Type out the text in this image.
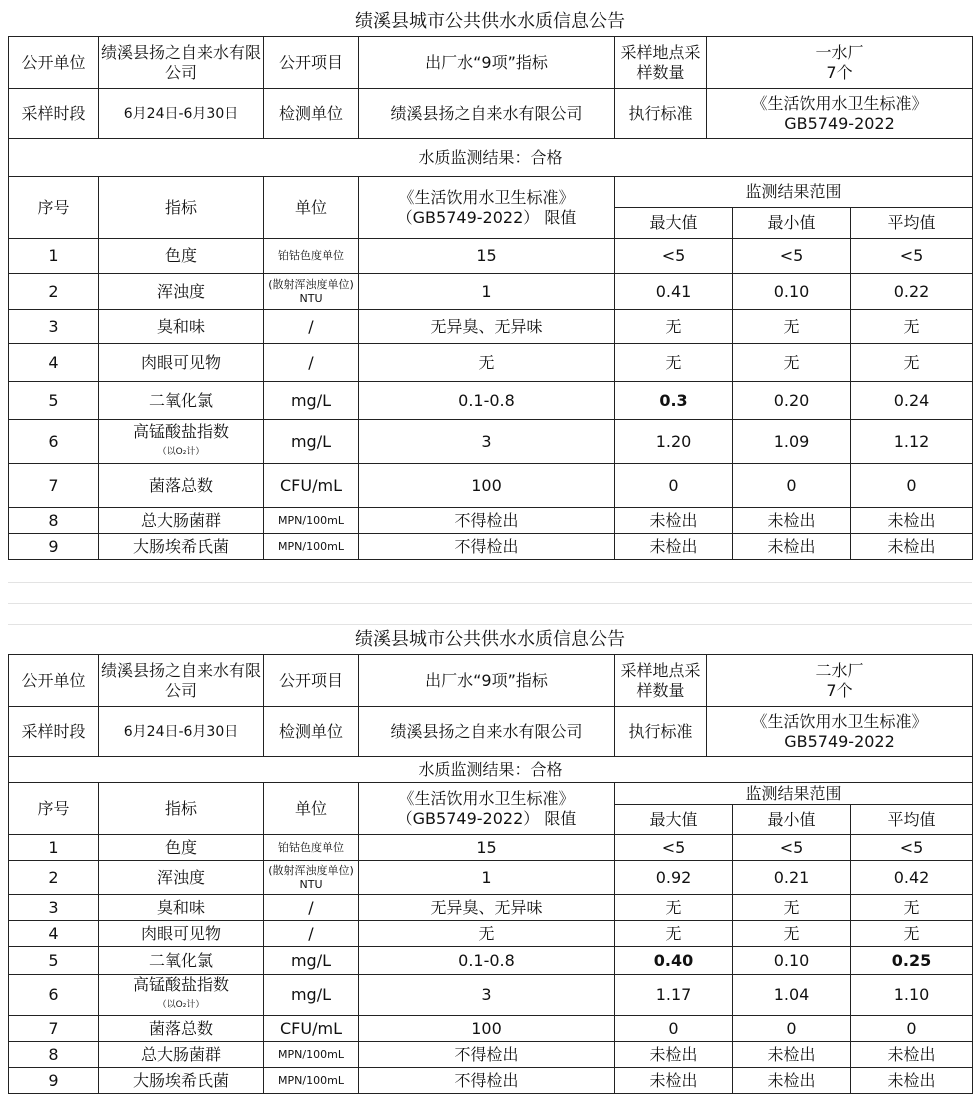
绩溪县城市公共供水水质信息公告
公开单位	绩溪县扬之自来水有限公司	公开项目	出厂水“9项”指标	采样地点采样数量	一水厂
7个

采样时段	6月24日-6月30日	检测单位	绩溪县扬之自来水有限公司	执行标准	《生活饮用水卫生标准》
GB5749-2022

水质监测结果：合格					
序号	指标	单位	《生活饮用水卫生标准》
（GB5749-2022） 限值	监测结果范围		
				最大值	最小值	平均值
1	色度	铂钴色度单位	15	<5	<5	<5
2	浑浊度	(散射浑浊度单位) NTU	1	0.41	0.10	0.22
3	臭和味	/	无异臭、无异味	无	无	无
4	肉眼可见物	/	无	无	无	无
5	二氧化氯	mg/L	0.1-0.8	0.3	0.20	0.24
6	高锰酸盐指数
（以O₂计）	mg/L	3	1.20	1.09	1.12
7	菌落总数	CFU/mL	100	0	0	0
8	总大肠菌群	MPN/100mL	不得检出	未检出	未检出	未检出
9	大肠埃希氏菌	MPN/100mL	不得检出	未检出	未检出	未检出
绩溪县城市公共供水水质信息公告
公开单位	绩溪县扬之自来水有限公司	公开项目	出厂水“9项”指标	采样地点采样数量	二水厂
7个

采样时段	6月24日-6月30日	检测单位	绩溪县扬之自来水有限公司	执行标准	《生活饮用水卫生标准》
GB5749-2022

水质监测结果：合格					
序号	指标	单位	《生活饮用水卫生标准》
（GB5749-2022） 限值	监测结果范围		
				最大值	最小值	平均值
1	色度	铂钴色度单位	15	<5	<5	<5
2	浑浊度	(散射浑浊度单位) NTU	1	0.92	0.21	0.42
3	臭和味	/	无异臭、无异味	无	无	无
4	肉眼可见物	/	无	无	无	无
5	二氧化氯	mg/L	0.1-0.8	0.40	0.10	0.25
6	高锰酸盐指数
（以O₂计）	mg/L	3	1.17	1.04	1.10
7	菌落总数	CFU/mL	100	0	0	0
8	总大肠菌群	MPN/100mL	不得检出	未检出	未检出	未检出
9	大肠埃希氏菌	MPN/100mL	不得检出	未检出	未检出	未检出
